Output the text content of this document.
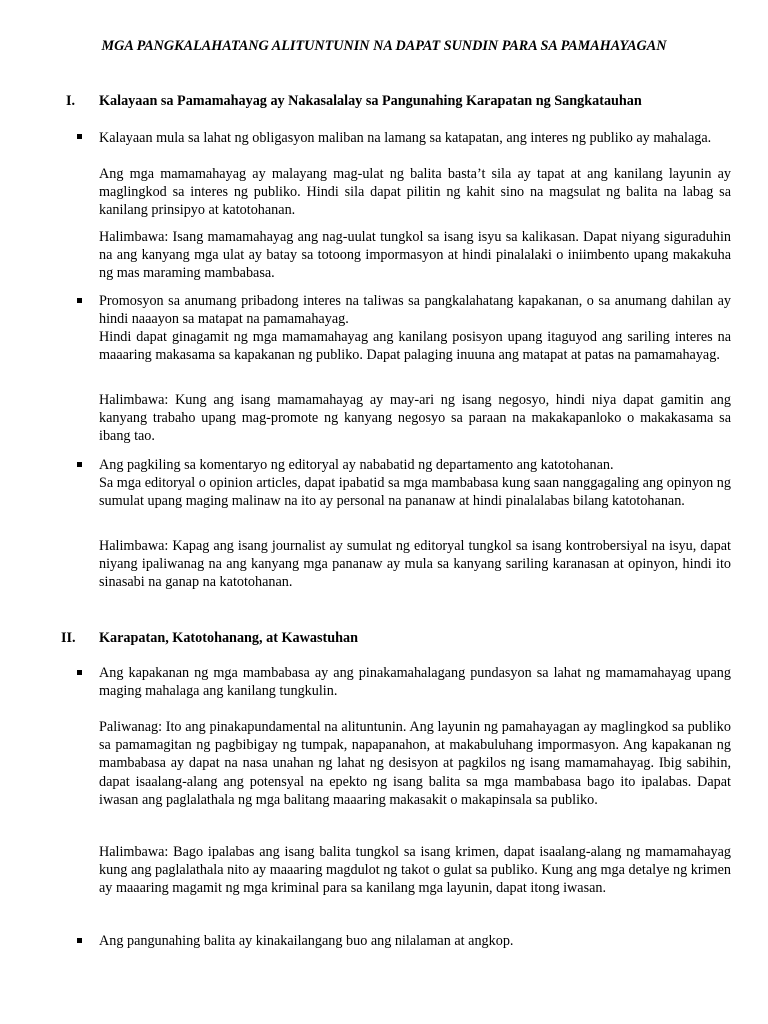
MGA PANGKALAHATANG ALITUNTUNIN NA DAPAT SUNDIN PARA SA PAMAHAYAGAN
I. Kalayaan sa Pamamahayag ay Nakasalalay sa Pangunahing Karapatan ng Sangkatauhan

Kalayaan mula sa lahat ng obligasyon maliban na lamang sa katapatan, ang interes ng publiko ay mahalaga.

Ang mga mamamahayag ay malayang mag-ulat ng balita basta’t sila ay tapat at ang kanilang layunin ay maglingkod sa interes ng publiko. Hindi sila dapat pilitin ng kahit sino na magsulat ng balita na labag sa kanilang prinsipyo at katotohanan.

Halimbawa: Isang mamamahayag ang nag-uulat tungkol sa isang isyu sa kalikasan. Dapat niyang siguraduhin na ang kanyang mga ulat ay batay sa totoong impormasyon at hindi pinalalaki o iniimbento upang makakuha ng mas maraming mambabasa.

Promosyon sa anumang pribadong interes na taliwas sa pangkalahatang kapakanan, o sa anumang dahilan ay hindi naaayon sa matapat na pamamahayag.

Hindi dapat ginagamit ng mga mamamahayag ang kanilang posisyon upang itaguyod ang sariling interes na maaaring makasama sa kapakanan ng publiko. Dapat palaging inuuna ang matapat at patas na pamamahayag.

Halimbawa: Kung ang isang mamamahayag ay may-ari ng isang negosyo, hindi niya dapat gamitin ang kanyang trabaho upang mag-promote ng kanyang negosyo sa paraan na makakapanloko o makakasama sa ibang tao.

Ang pagkiling sa komentaryo ng editoryal ay nababatid ng departamento ang katotohanan.

Sa mga editoryal o opinion articles, dapat ipabatid sa mga mambabasa kung saan nanggagaling ang opinyon ng sumulat upang maging malinaw na ito ay personal na pananaw at hindi pinalalabas bilang katotohanan.

Halimbawa: Kapag ang isang journalist ay sumulat ng editoryal tungkol sa isang kontrobersiyal na isyu, dapat niyang ipaliwanag na ang kanyang mga pananaw ay mula sa kanyang sariling karanasan at opinyon, hindi ito sinasabi na ganap na katotohanan.

II. Karapatan, Katotohanang, at Kawastuhan

Ang kapakanan ng mga mambabasa ay ang pinakamahalagang pundasyon sa lahat ng mamamahayag upang maging mahalaga ang kanilang tungkulin.

Paliwanag: Ito ang pinakapundamental na alituntunin. Ang layunin ng pamahayagan ay maglingkod sa publiko sa pamamagitan ng pagbibigay ng tumpak, napapanahon, at makabuluhang impormasyon. Ang kapakanan ng mambabasa ay dapat na nasa unahan ng lahat ng desisyon at pagkilos ng isang mamamahayag. Ibig sabihin, dapat isaalang-alang ang potensyal na epekto ng isang balita sa mga mambabasa bago ito ipalabas. Dapat iwasan ang paglalathala ng mga balitang maaaring makasakit o makapinsala sa publiko.

Halimbawa: Bago ipalabas ang isang balita tungkol sa isang krimen, dapat isaalang-alang ng mamamahayag kung ang paglalathala nito ay maaaring magdulot ng takot o gulat sa publiko. Kung ang mga detalye ng krimen ay maaaring magamit ng mga kriminal para sa kanilang mga layunin, dapat itong iwasan.

Ang pangunahing balita ay kinakailangang buo ang nilalaman at angkop.
